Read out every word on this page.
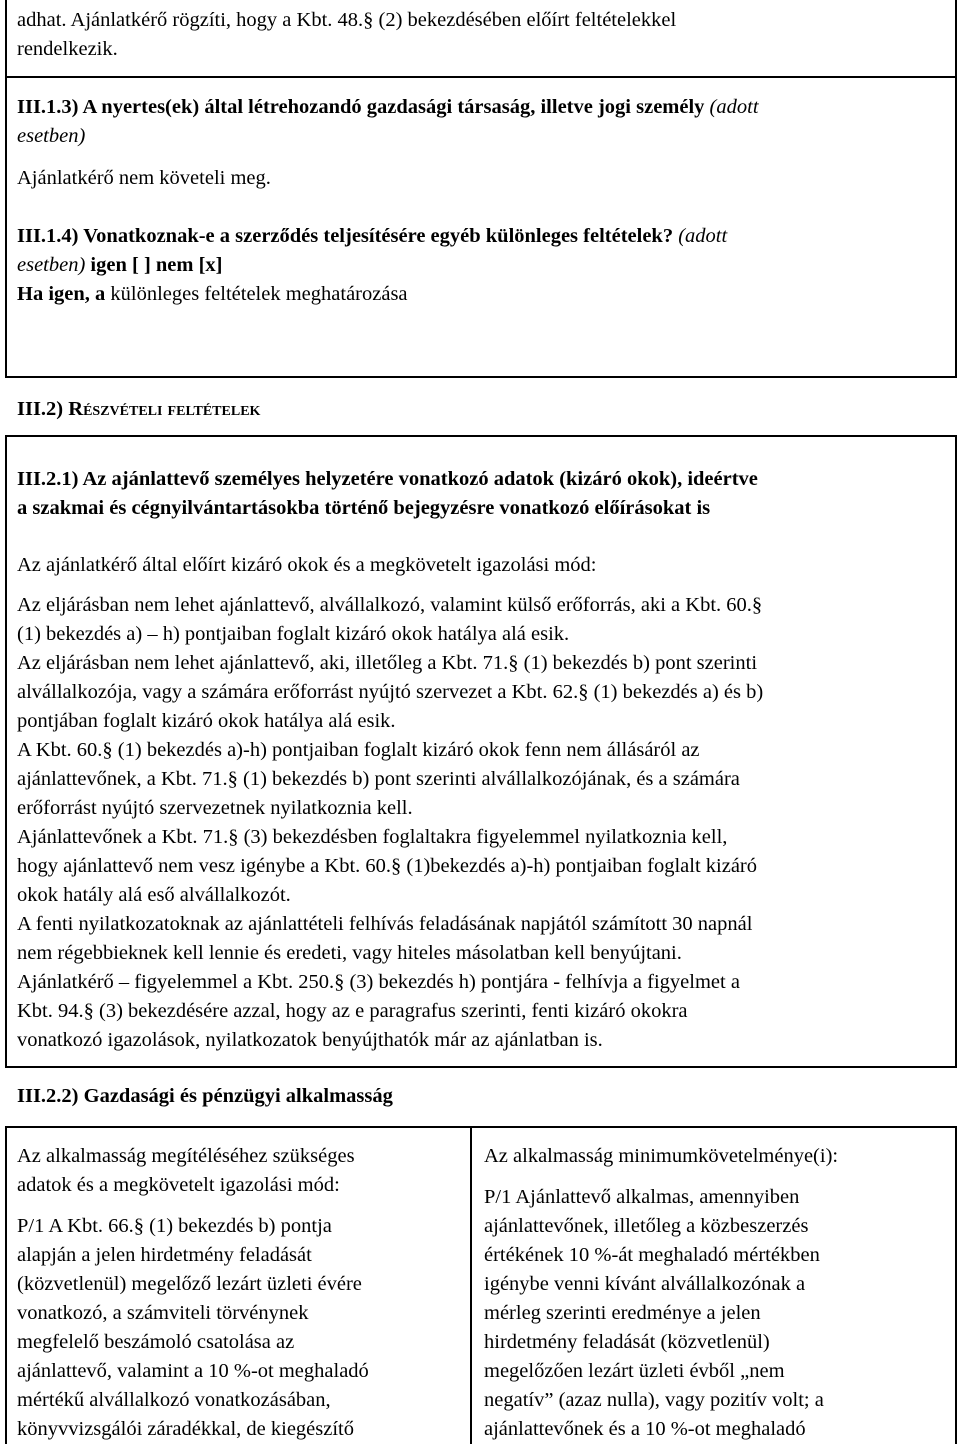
adhat. Ajánlatkérő rögzíti, hogy a Kbt. 48.§ (2) bekezdésében előírt feltételekkel
rendelkezik.
III.1.3) A nyertes(ek) által létrehozandó gazdasági társaság, illetve jogi személy (adott
esetben)
Ajánlatkérő nem követeli meg.
III.1.4) Vonatkoznak-e a szerződés teljesítésére egyéb különleges feltételek? (adott
esetben) igen [ ] nem [x]
Ha igen, a különleges feltételek meghatározása
III.2) Részvételi feltételek
III.2.1) Az ajánlattevő személyes helyzetére vonatkozó adatok (kizáró okok), ideértve
a szakmai és cégnyilvántartásokba történő bejegyzésre vonatkozó előírásokat is
Az ajánlatkérő által előírt kizáró okok és a megkövetelt igazolási mód:
Az eljárásban nem lehet ajánlattevő, alvállalkozó, valamint külső erőforrás, aki a Kbt. 60.§
(1) bekezdés a) – h) pontjaiban foglalt kizáró okok hatálya alá esik.
Az eljárásban nem lehet ajánlattevő, aki, illetőleg a Kbt. 71.§ (1) bekezdés b) pont szerinti
alvállalkozója, vagy a számára erőforrást nyújtó szervezet a Kbt. 62.§ (1) bekezdés a) és b)
pontjában foglalt kizáró okok hatálya alá esik.
A Kbt. 60.§ (1) bekezdés a)-h) pontjaiban foglalt kizáró okok fenn nem állásáról az
ajánlattevőnek, a Kbt. 71.§ (1) bekezdés b) pont szerinti alvállalkozójának, és a számára
erőforrást nyújtó szervezetnek nyilatkoznia kell.
Ajánlattevőnek a Kbt. 71.§ (3) bekezdésben foglaltakra figyelemmel nyilatkoznia kell,
hogy ajánlattevő nem vesz igénybe a Kbt. 60.§ (1)bekezdés a)-h) pontjaiban foglalt kizáró
okok hatály alá eső alvállalkozót.
A fenti nyilatkozatoknak az ajánlattételi felhívás feladásának napjától számított 30 napnál
nem régebbieknek kell lennie és eredeti, vagy hiteles másolatban kell benyújtani.
Ajánlatkérő – figyelemmel a Kbt. 250.§ (3) bekezdés h) pontjára - felhívja a figyelmet a
Kbt. 94.§ (3) bekezdésére azzal, hogy az e paragrafus szerinti, fenti kizáró okokra
vonatkozó igazolások, nyilatkozatok benyújthatók már az ajánlatban is.
III.2.2) Gazdasági és pénzügyi alkalmasság
Az alkalmasság megítéléséhez szükséges
adatok és a megkövetelt igazolási mód:
P/1 A Kbt. 66.§ (1) bekezdés b) pontja
alapján a jelen hirdetmény feladását
(közvetlenül) megelőző lezárt üzleti évére
vonatkozó, a számviteli törvénynek
megfelelő beszámoló csatolása az
ajánlattevő, valamint a 10 %-ot meghaladó
mértékű alvállalkozó vonatkozásában,
könyvvizsgálói záradékkal, de kiegészítő
Az alkalmasság minimumkövetelménye(i):
P/1 Ajánlattevő alkalmas, amennyiben
ajánlattevőnek, illetőleg a közbeszerzés
értékének 10 %-át meghaladó mértékben
igénybe venni kívánt alvállalkozónak a
mérleg szerinti eredménye a jelen
hirdetmény feladását (közvetlenül)
megelőzően lezárt üzleti évből „nem
negatív” (azaz nulla), vagy pozitív volt; a
ajánlattevőnek és a 10 %-ot meghaladó
